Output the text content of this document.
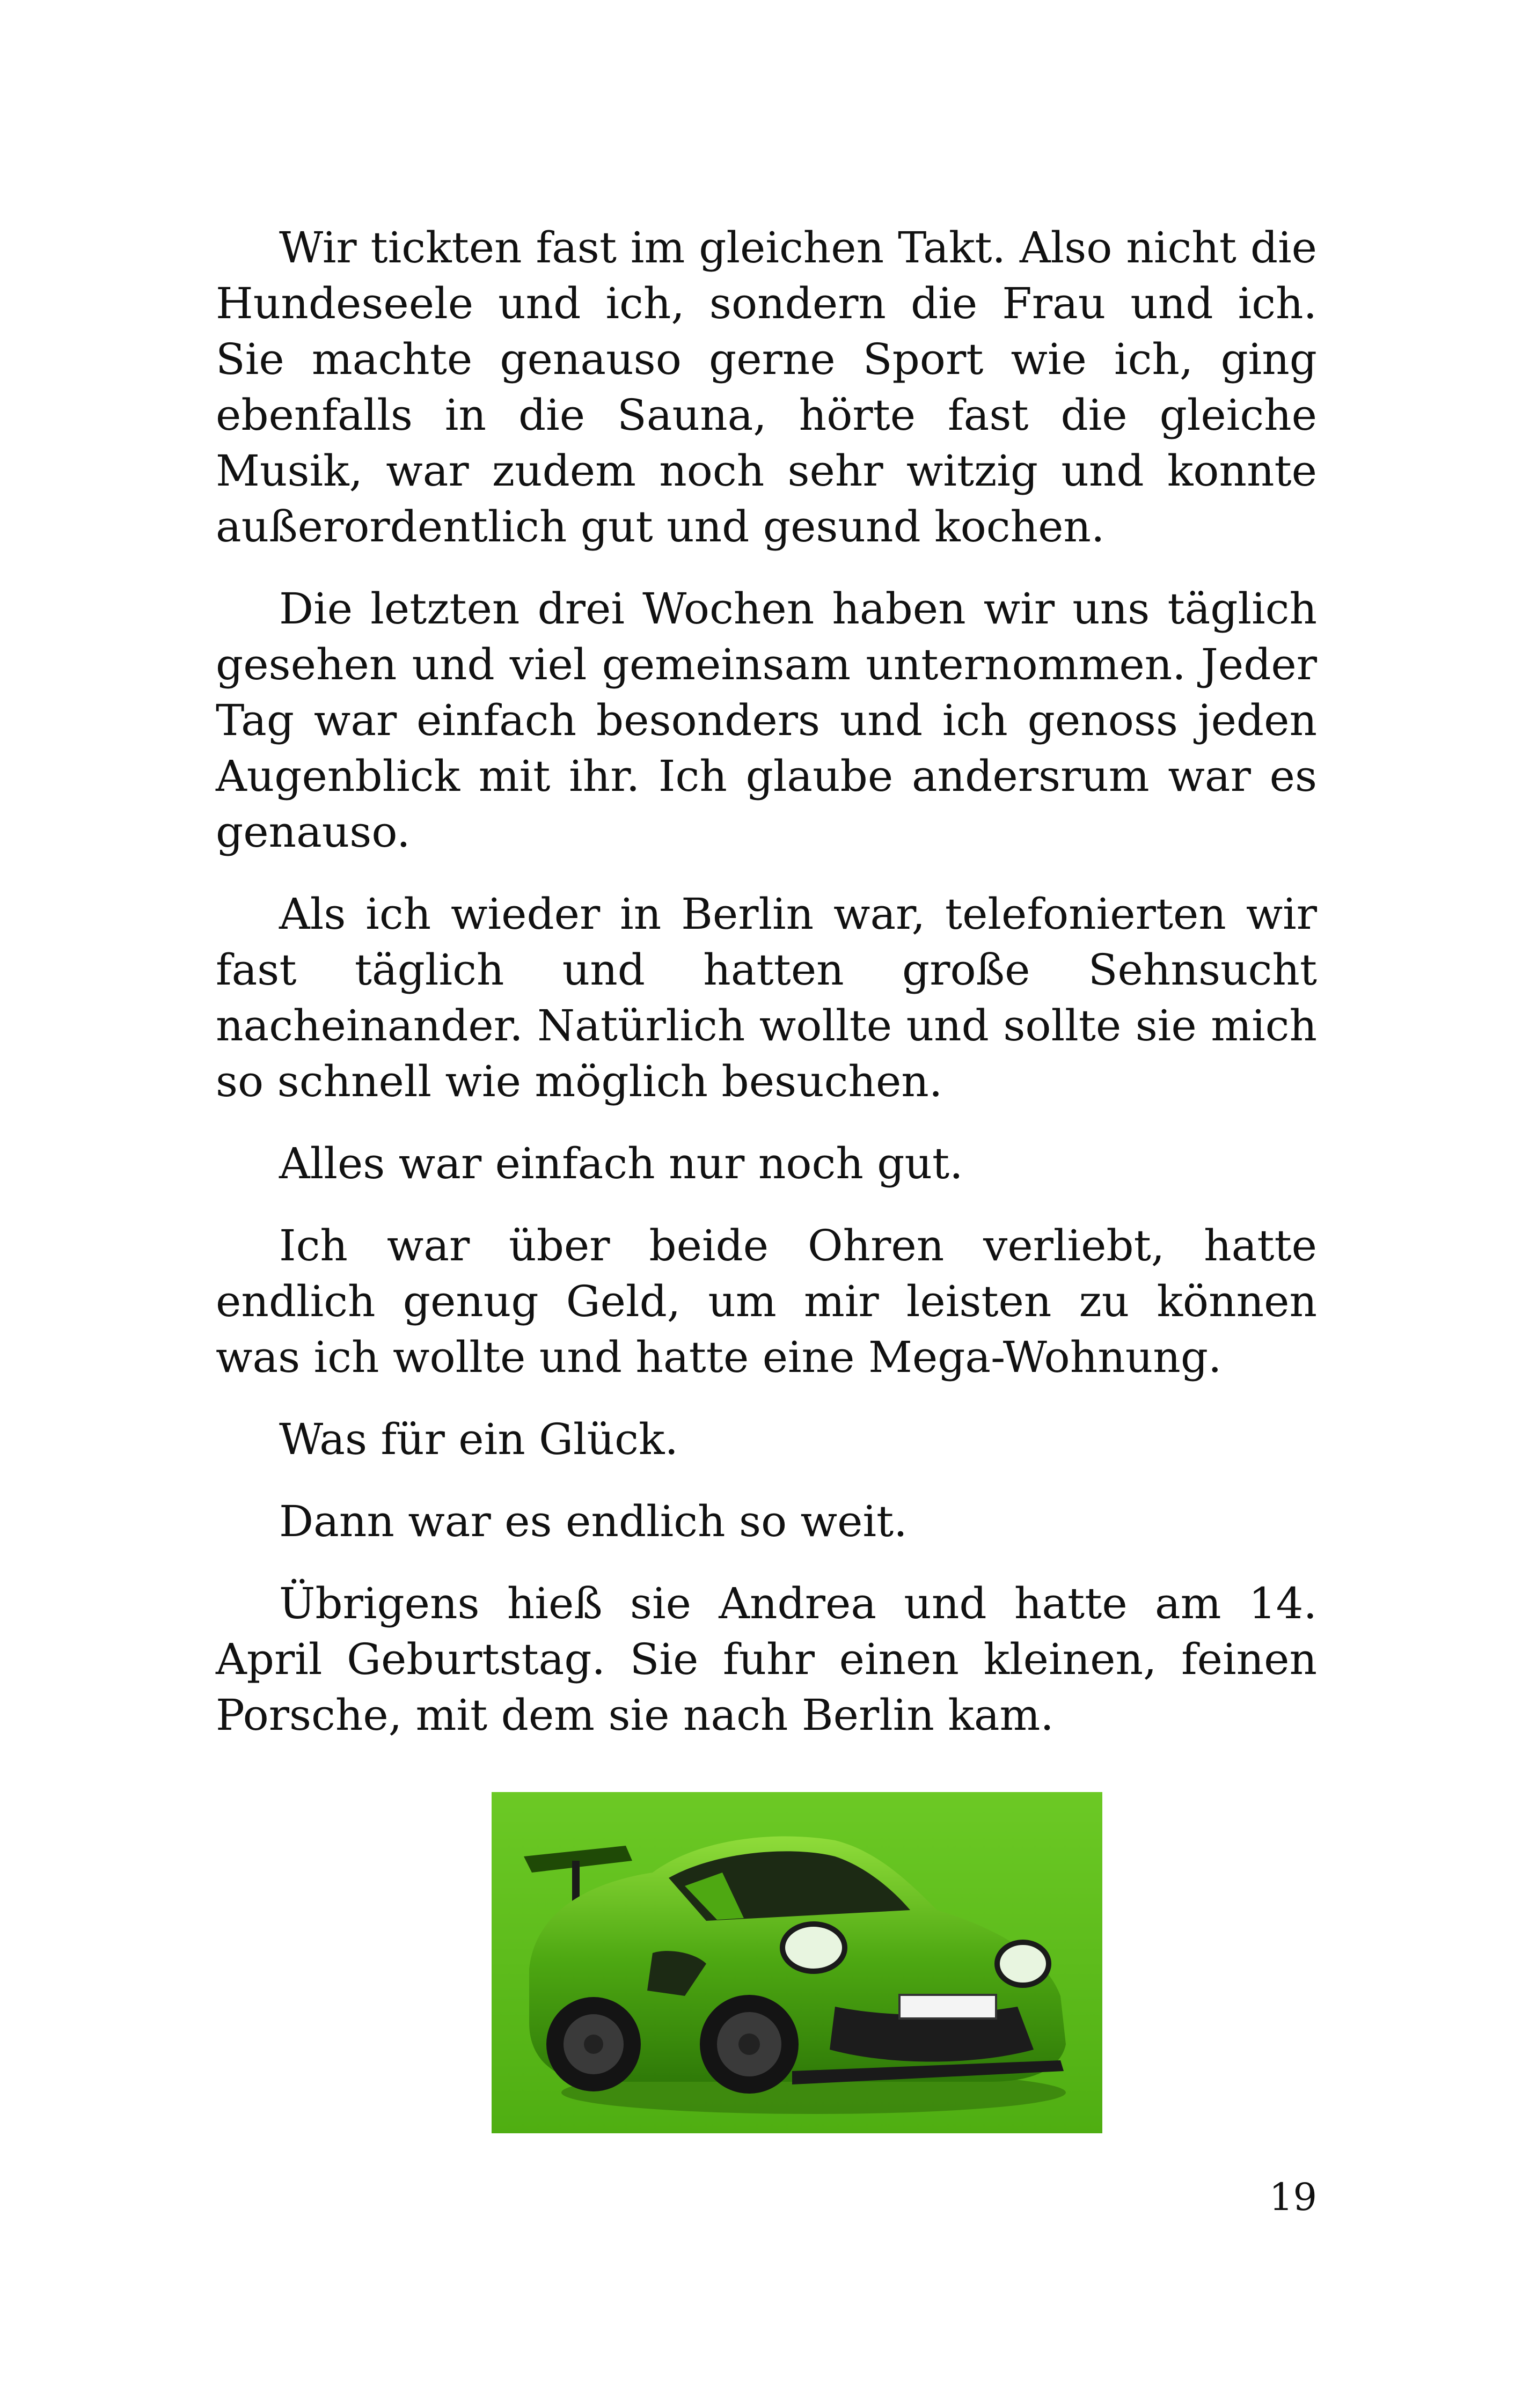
Wir tickten fast im gleichen Takt. Also nicht die Hundeseele und ich, sondern die Frau und ich. Sie machte genauso gerne Sport wie ich, ging ebenfalls in die Sauna, hörte fast die gleiche Musik, war zudem noch sehr witzig und konnte außerordentlich gut und gesund kochen.

Die letzten drei Wochen haben wir uns täglich gesehen und viel gemeinsam unternommen. Jeder Tag war einfach besonders und ich genoss jeden Augenblick mit ihr. Ich glaube andersrum war es genauso.

Als ich wieder in Berlin war, telefonierten wir fast täglich und hatten große Sehnsucht nacheinander. Natürlich wollte und sollte sie mich so schnell wie möglich besuchen.

Alles war einfach nur noch gut.

Ich war über beide Ohren verliebt, hatte endlich genug Geld, um mir leisten zu können was ich wollte und hatte eine Mega-Wohnung.

Was für ein Glück.

Dann war es endlich so weit.

Übrigens hieß sie Andrea und hatte am 14. April Geburtstag. Sie fuhr einen kleinen, feinen Porsche, mit dem sie nach Berlin kam.

19
